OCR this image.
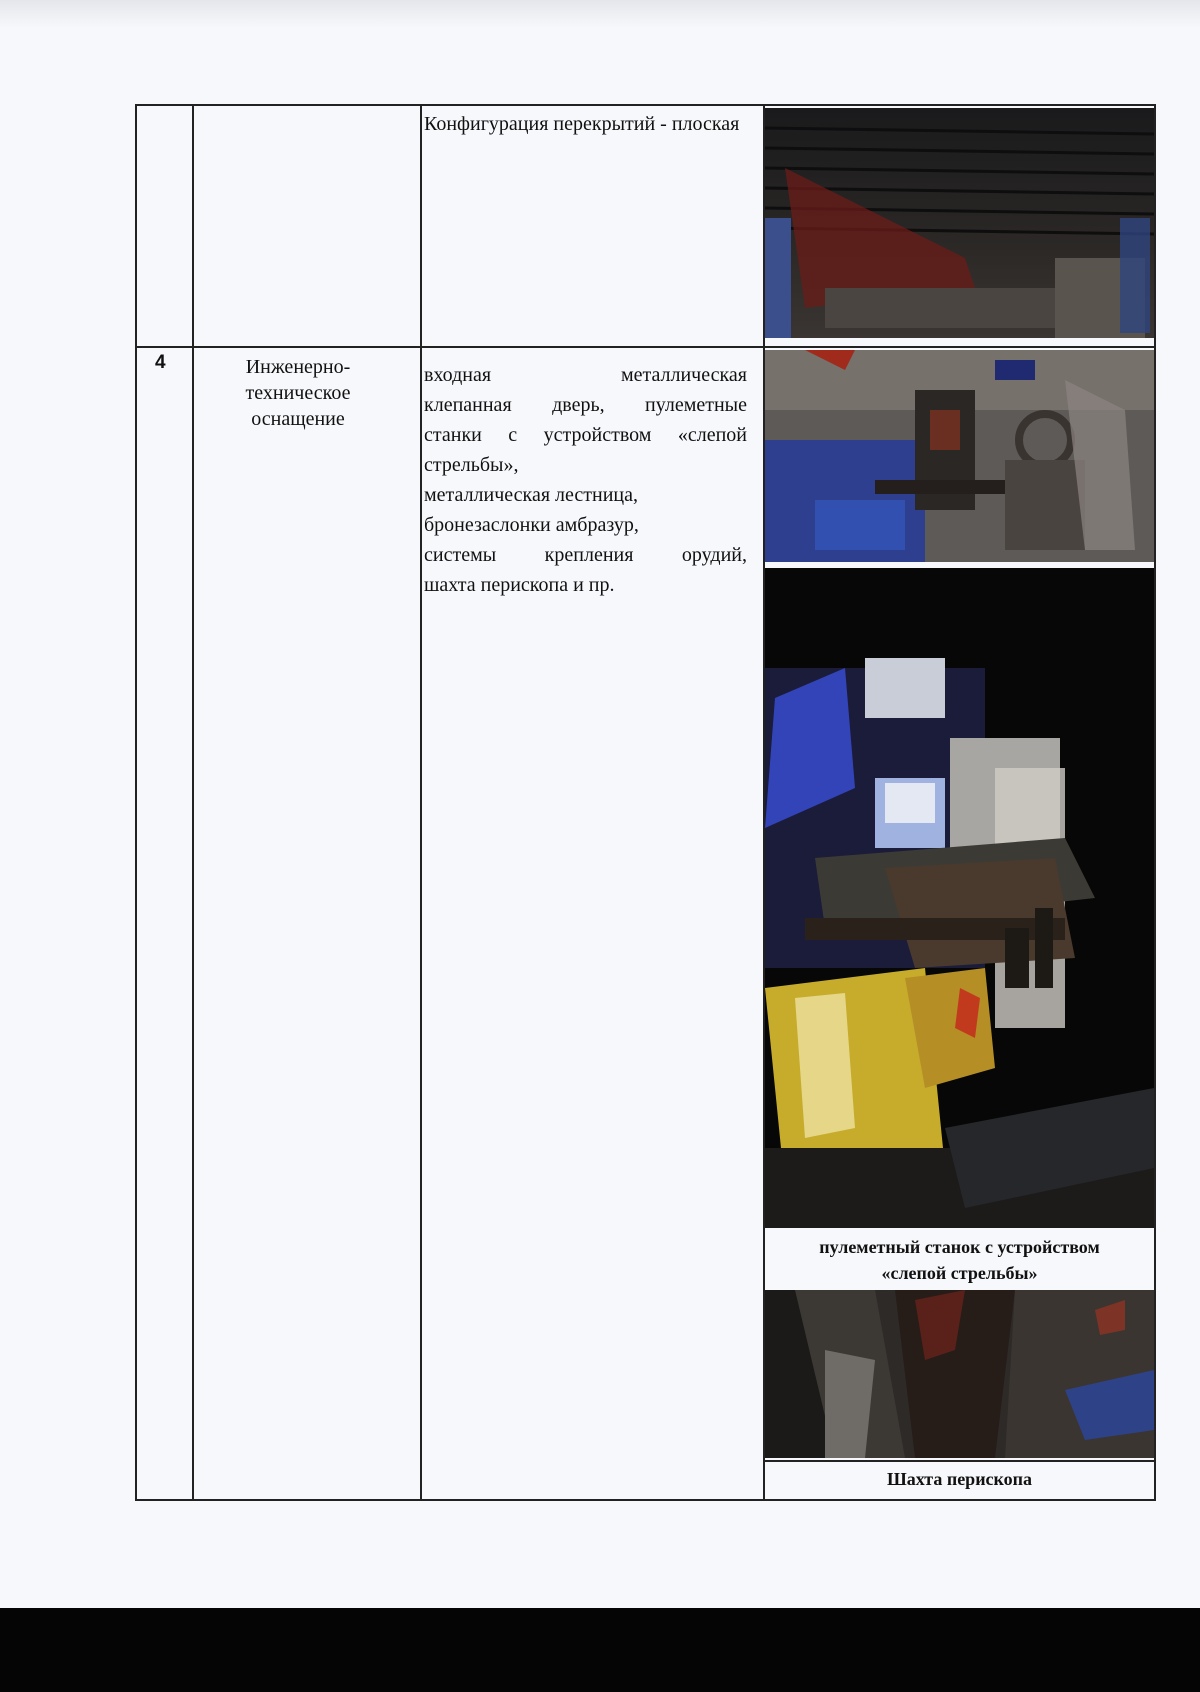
Конфигурация перекрытий - плоская
4	Инженерно-
техническое
оснащение

входная металлическая

клепанная дверь, пулеметные

станки с устройством «слепой

стрельбы»,

металлическая лестница,

бронезаслонки амбразур,

системы крепления орудий,

шахта перископа и пр.

пулеметный станок с устройством
«слепой стрельбы»
Шахта перископа
